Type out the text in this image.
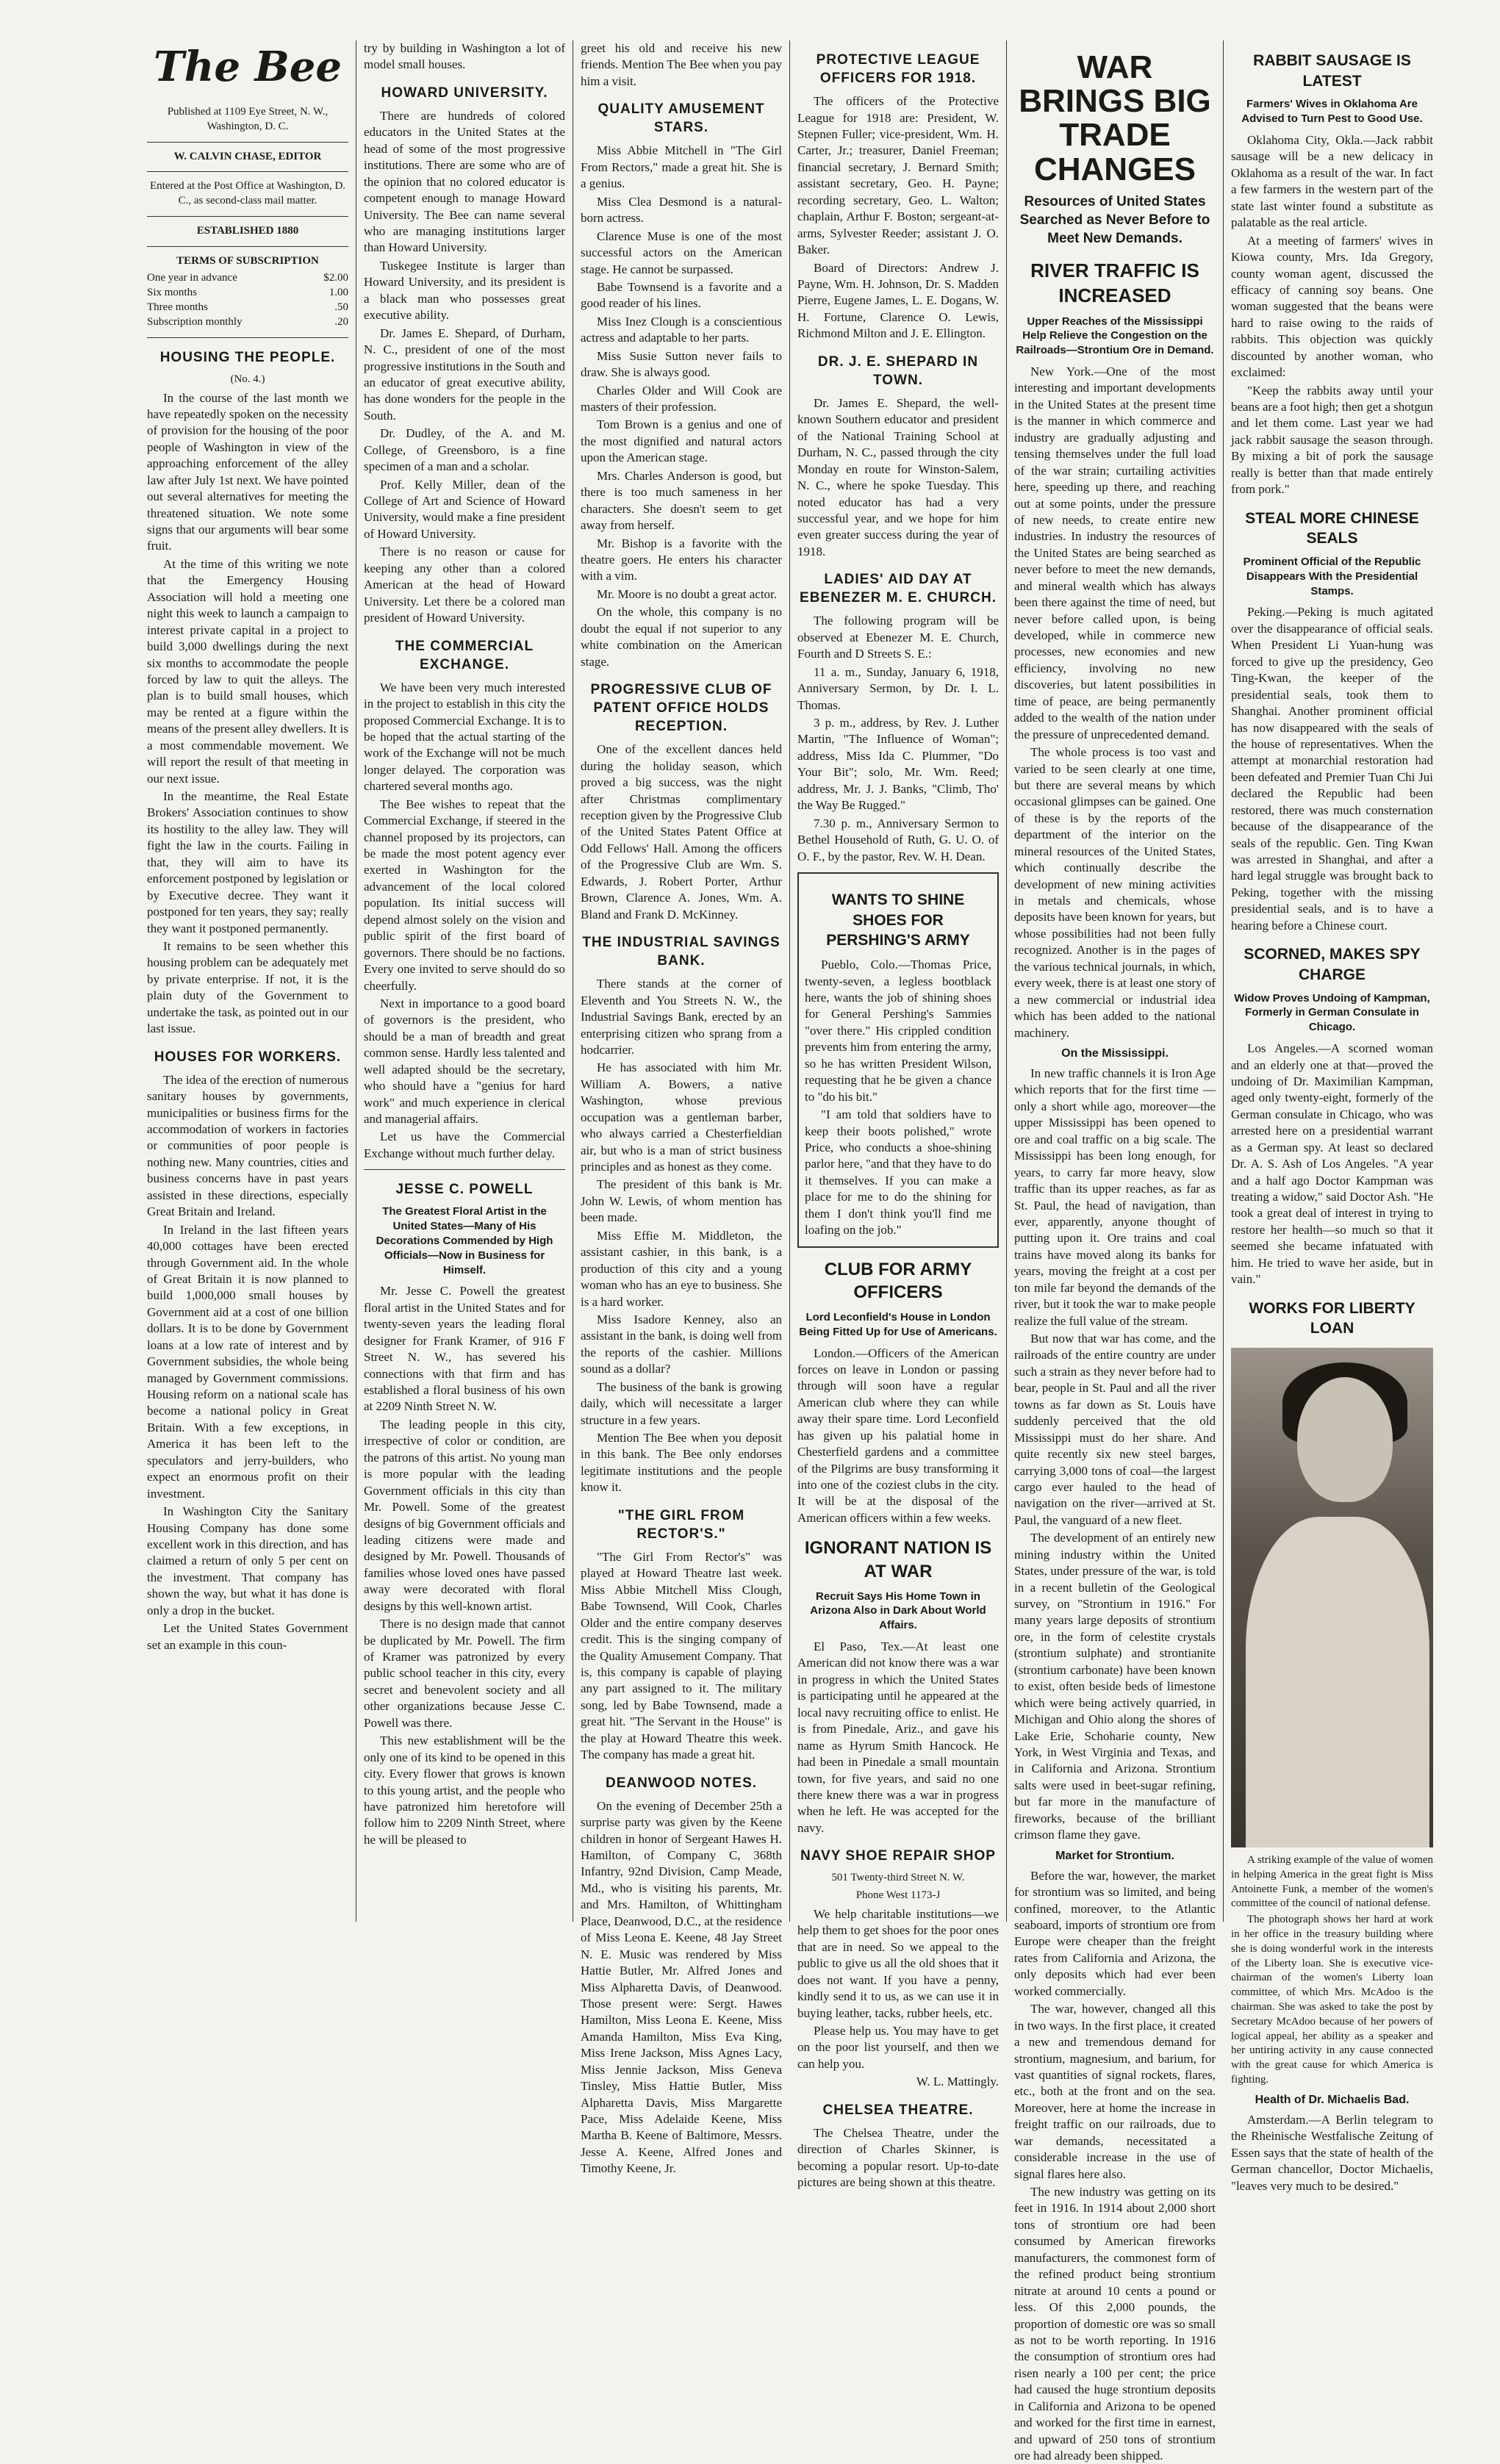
The Bee
Published at 1109 Eye Street, N. W., Washington, D. C.
W. CALVIN CHASE, EDITOR
Entered at the Post Office at Washington, D. C., as second-class mail matter.
ESTABLISHED 1880
TERMS OF SUBSCRIPTION
One year in advance	$2.00
Six months	1.00
Three months	.50
Subscription monthly	.20
HOUSING THE PEOPLE.
(No. 4.)

In the course of the last month we have repeatedly spoken on the necessity of provision for the housing of the poor people of Washington in view of the approaching enforcement of the alley law after July 1st next. We have pointed out several alternatives for meeting the threatened situation. We note some signs that our arguments will bear some fruit.

At the time of this writing we note that the Emergency Housing Association will hold a meeting one night this week to launch a campaign to interest private capital in a project to build 3,000 dwellings during the next six months to accommodate the people forced by law to quit the alleys. The plan is to build small houses, which may be rented at a figure within the means of the present alley dwellers. It is a most commendable movement. We will report the result of that meeting in our next issue.

In the meantime, the Real Estate Brokers' Association continues to show its hostility to the alley law. They will fight the law in the courts. Failing in that, they will aim to have its enforcement postponed by legislation or by Executive decree. They want it postponed for ten years, they say; really they want it postponed permanently.

It remains to be seen whether this housing problem can be adequately met by private enterprise. If not, it is the plain duty of the Government to undertake the task, as pointed out in our last issue.

HOUSES FOR WORKERS.

The idea of the erection of numerous sanitary houses by governments, municipalities or business firms for the accommodation of workers in factories or communities of poor people is nothing new. Many countries, cities and business concerns have in past years assisted in these directions, especially Great Britain and Ireland.

In Ireland in the last fifteen years 40,000 cottages have been erected through Government aid. In the whole of Great Britain it is now planned to build 1,000,000 small houses by Government aid at a cost of one billion dollars. It is to be done by Government loans at a low rate of interest and by Government subsidies, the whole being managed by Government commissions. Housing reform on a national scale has become a national policy in Great Britain. With a few exceptions, in America it has been left to the speculators and jerry-builders, who expect an enormous profit on their investment.

In Washington City the Sanitary Housing Company has done some excellent work in this direction, and has claimed a return of only 5 per cent on the investment. That company has shown the way, but what it has done is only a drop in the bucket.

Let the United States Government set an example in this coun-

try by building in Washington a lot of model small houses.

HOWARD UNIVERSITY.

There are hundreds of colored educators in the United States at the head of some of the most progressive institutions. There are some who are of the opinion that no colored educator is competent enough to manage Howard University. The Bee can name several who are managing institutions larger than Howard University.

Tuskegee Institute is larger than Howard University, and its president is a black man who possesses great executive ability.

Dr. James E. Shepard, of Durham, N. C., president of one of the most progressive institutions in the South and an educator of great executive ability, has done wonders for the people in the South.

Dr. Dudley, of the A. and M. College, of Greensboro, is a fine specimen of a man and a scholar.

Prof. Kelly Miller, dean of the College of Art and Science of Howard University, would make a fine president of Howard University.

There is no reason or cause for keeping any other than a colored American at the head of Howard University. Let there be a colored man president of Howard University.

THE COMMERCIAL EXCHANGE.

We have been very much interested in the project to establish in this city the proposed Commercial Exchange. It is to be hoped that the actual starting of the work of the Exchange will not be much longer delayed. The corporation was chartered several months ago.

The Bee wishes to repeat that the Commercial Exchange, if steered in the channel proposed by its projectors, can be made the most potent agency ever exerted in Washington for the advancement of the local colored population. Its initial success will depend almost solely on the vision and public spirit of the first board of governors. There should be no factions. Every one invited to serve should do so cheerfully.

Next in importance to a good board of governors is the president, who should be a man of breadth and great common sense. Hardly less talented and well adapted should be the secretary, who should have a "genius for hard work" and much experience in clerical and managerial affairs.

Let us have the Commercial Exchange without much further delay.

JESSE C. POWELL
The Greatest Floral Artist in the United States—Many of His Decorations Commended by High Officials—Now in Business for Himself.

Mr. Jesse C. Powell the greatest floral artist in the United States and for twenty-seven years the leading floral designer for Frank Kramer, of 916 F Street N. W., has severed his connections with that firm and has established a floral business of his own at 2209 Ninth Street N. W.

The leading people in this city, irrespective of color or condition, are the patrons of this artist. No young man is more popular with the leading Government officials in this city than Mr. Powell. Some of the greatest designs of big Government officials and leading citizens were made and designed by Mr. Powell. Thousands of families whose loved ones have passed away were decorated with floral designs by this well-known artist.

There is no design made that cannot be duplicated by Mr. Powell. The firm of Kramer was patronized by every public school teacher in this city, every secret and benevolent society and all other organizations because Jesse C. Powell was there.

This new establishment will be the only one of its kind to be opened in this city. Every flower that grows is known to this young artist, and the people who have patronized him heretofore will follow him to 2209 Ninth Street, where he will be pleased to

greet his old and receive his new friends. Mention The Bee when you pay him a visit.

QUALITY AMUSEMENT STARS.

Miss Abbie Mitchell in "The Girl From Rectors," made a great hit. She is a genius.

Miss Clea Desmond is a natural-born actress.

Clarence Muse is one of the most successful actors on the American stage. He cannot be surpassed.

Babe Townsend is a favorite and a good reader of his lines.

Miss Inez Clough is a conscientious actress and adaptable to her parts.

Miss Susie Sutton never fails to draw. She is always good.

Charles Older and Will Cook are masters of their profession.

Tom Brown is a genius and one of the most dignified and natural actors upon the American stage.

Mrs. Charles Anderson is good, but there is too much sameness in her characters. She doesn't seem to get away from herself.

Mr. Bishop is a favorite with the theatre goers. He enters his character with a vim.

Mr. Moore is no doubt a great actor.

On the whole, this company is no doubt the equal if not superior to any white combination on the American stage.

PROGRESSIVE CLUB OF PATENT OFFICE HOLDS RECEPTION.

One of the excellent dances held during the holiday season, which proved a big success, was the night after Christmas complimentary reception given by the Progressive Club of the United States Patent Office at Odd Fellows' Hall. Among the officers of the Progressive Club are Wm. S. Edwards, J. Robert Porter, Arthur Brown, Clarence A. Jones, Wm. A. Bland and Frank D. McKinney.

THE INDUSTRIAL SAVINGS BANK.

There stands at the corner of Eleventh and You Streets N. W., the Industrial Savings Bank, erected by an enterprising citizen who sprang from a hodcarrier.

He has associated with him Mr. William A. Bowers, a native Washington, whose previous occupation was a gentleman barber, who always carried a Chesterfieldian air, but who is a man of strict business principles and as honest as they come.

The president of this bank is Mr. John W. Lewis, of whom mention has been made.

Miss Effie M. Middleton, the assistant cashier, in this bank, is a production of this city and a young woman who has an eye to business. She is a hard worker.

Miss Isadore Kenney, also an assistant in the bank, is doing well from the reports of the cashier. Millions sound as a dollar?

The business of the bank is growing daily, which will necessitate a larger structure in a few years.

Mention The Bee when you deposit in this bank. The Bee only endorses legitimate institutions and the people know it.

"THE GIRL FROM RECTOR'S."

"The Girl From Rector's" was played at Howard Theatre last week. Miss Abbie Mitchell Miss Clough, Babe Townsend, Will Cook, Charles Older and the entire company deserves credit. This is the singing company of the Quality Amusement Company. That is, this company is capable of playing any part assigned to it. The military song, led by Babe Townsend, made a great hit. "The Servant in the House" is the play at Howard Theatre this week. The company has made a great hit.

DEANWOOD NOTES.

On the evening of December 25th a surprise party was given by the Keene children in honor of Sergeant Hawes H. Hamilton, of Company C, 368th Infantry, 92nd Division, Camp Meade, Md., who is visiting his parents, Mr. and Mrs. Hamilton, of Whittingham Place, Deanwood, D.C., at the residence of Miss Leona E. Keene, 48 Jay Street N. E. Music was rendered by Miss Hattie Butler, Mr. Alfred Jones and Miss Alpharetta Davis, of Deanwood. Those present were: Sergt. Hawes Hamilton, Miss Leona E. Keene, Miss Amanda Hamilton, Miss Eva King, Miss Irene Jackson, Miss Agnes Lacy, Miss Jennie Jackson, Miss Geneva Tinsley, Miss Hattie Butler, Miss Alpharetta Davis, Miss Margarette Pace, Miss Adelaide Keene, Miss Martha B. Keene of Baltimore, Messrs. Jesse A. Keene, Alfred Jones and Timothy Keene, Jr.

PROTECTIVE LEAGUE OFFICERS FOR 1918.

The officers of the Protective League for 1918 are: President, W. Stepnen Fuller; vice-president, Wm. H. Carter, Jr.; treasurer, Daniel Freeman; financial secretary, J. Bernard Smith; assistant secretary, Geo. H. Payne; recording secretary, Geo. L. Walton; chaplain, Arthur F. Boston; sergeant-at-arms, Sylvester Reeder; assistant J. O. Baker.

Board of Directors: Andrew J. Payne, Wm. H. Johnson, Dr. S. Madden Pierre, Eugene James, L. E. Dogans, W. H. Fortune, Clarence O. Lewis, Richmond Milton and J. E. Ellington.

DR. J. E. SHEPARD IN TOWN.

Dr. James E. Shepard, the well-known Southern educator and president of the National Training School at Durham, N. C., passed through the city Monday en route for Winston-Salem, N. C., where he spoke Tuesday. This noted educator has had a very successful year, and we hope for him even greater success during the year of 1918.

LADIES' AID DAY AT EBENEZER M. E. CHURCH.

The following program will be observed at Ebenezer M. E. Church, Fourth and D Streets S. E.:

11 a. m., Sunday, January 6, 1918, Anniversary Sermon, by Dr. I. L. Thomas.

3 p. m., address, by Rev. J. Luther Martin, "The Influence of Woman"; address, Miss Ida C. Plummer, "Do Your Bit"; solo, Mr. Wm. Reed; address, Mr. J. J. Banks, "Climb, Tho' the Way Be Rugged."

7.30 p. m., Anniversary Sermon to Bethel Household of Ruth, G. U. O. of O. F., by the pastor, Rev. W. H. Dean.

WANTS TO SHINE SHOES FOR PERSHING'S ARMY

Pueblo, Colo.—Thomas Price, twenty-seven, a legless bootblack here, wants the job of shining shoes for General Pershing's Sammies "over there." His crippled condition prevents him from entering the army, so he has written President Wilson, requesting that he be given a chance to "do his bit."

"I am told that soldiers have to keep their boots polished," wrote Price, who conducts a shoe-shining parlor here, "and that they have to do it themselves. If you can make a place for me to do the shining for them I don't think you'll find me loafing on the job."

CLUB FOR ARMY OFFICERS
Lord Leconfield's House in London Being Fitted Up for Use of Americans.

London.—Officers of the American forces on leave in London or passing through will soon have a regular American club where they can while away their spare time. Lord Leconfield has given up his palatial home in Chesterfield gardens and a committee of the Pilgrims are busy transforming it into one of the coziest clubs in the city. It will be at the disposal of the American officers within a few weeks.

IGNORANT NATION IS AT WAR
Recruit Says His Home Town in Arizona Also in Dark About World Affairs.

El Paso, Tex.—At least one American did not know there was a war in progress in which the United States is participating until he appeared at the local navy recruiting office to enlist. He is from Pinedale, Ariz., and gave his name as Hyrum Smith Hancock. He had been in Pinedale a small mountain town, for five years, and said no one there knew there was a war in progress when he left. He was accepted for the navy.

NAVY SHOE REPAIR SHOP
501 Twenty-third Street N. W.
Phone West 1173-J

We help charitable institutions—we help them to get shoes for the poor ones that are in need. So we appeal to the public to give us all the old shoes that it does not want. If you have a penny, kindly send it to us, as we can use it in buying leather, tacks, rubber heels, etc.

Please help us. You may have to get on the poor list yourself, and then we can help you.

W. L. Mattingly.
CHELSEA THEATRE.

The Chelsea Theatre, under the direction of Charles Skinner, is becoming a popular resort. Up-to-date pictures are being shown at this theatre.

WAR BRINGS BIG TRADE CHANGES
Resources of United States Searched as Never Before to Meet New Demands.
RIVER TRAFFIC IS INCREASED
Upper Reaches of the Mississippi Help Relieve the Congestion on the Railroads—Strontium Ore in Demand.

New York.—One of the most interesting and important developments in the United States at the present time is the manner in which commerce and industry are gradually adjusting and tensing themselves under the full load of the war strain; curtailing activities here, speeding up there, and reaching out at some points, under the pressure of new needs, to create entire new industries. In industry the resources of the United States are being searched as never before to meet the new demands, and mineral wealth which has always been there against the time of need, but never before called upon, is being developed, while in commerce new processes, new economies and new efficiency, involving no new discoveries, but latent possibilities in time of peace, are being permanently added to the wealth of the nation under the pressure of unprecedented demand.

The whole process is too vast and varied to be seen clearly at one time, but there are several means by which occasional glimpses can be gained. One of these is by the reports of the department of the interior on the mineral resources of the United States, which continually describe the development of new mining activities in metals and chemicals, whose deposits have been known for years, but whose possibilities had not been fully recognized. Another is in the pages of the various technical journals, in which, every week, there is at least one story of a new commercial or industrial idea which has been added to the national machinery.

On the Mississippi.

In new traffic channels it is Iron Age which reports that for the first time —only a short while ago, moreover—the upper Mississippi has been opened to ore and coal traffic on a big scale. The Mississippi has been long enough, for years, to carry far more heavy, slow traffic than its upper reaches, as far as St. Paul, the head of navigation, than ever, apparently, anyone thought of putting upon it. Ore trains and coal trains have moved along its banks for years, moving the freight at a cost per ton mile far beyond the demands of the river, but it took the war to make people realize the full value of the stream.

But now that war has come, and the railroads of the entire country are under such a strain as they never before had to bear, people in St. Paul and all the river towns as far down as St. Louis have suddenly perceived that the old Mississippi must do her share. And quite recently six new steel barges, carrying 3,000 tons of coal—the largest cargo ever hauled to the head of navigation on the river—arrived at St. Paul, the vanguard of a new fleet.

The development of an entirely new mining industry within the United States, under pressure of the war, is told in a recent bulletin of the Geological survey, on "Strontium in 1916." For many years large deposits of strontium ore, in the form of celestite crystals (strontium sulphate) and strontianite (strontium carbonate) have been known to exist, often beside beds of limestone which were being actively quarried, in Michigan and Ohio along the shores of Lake Erie, Schoharie county, New York, in West Virginia and Texas, and in California and Arizona. Strontium salts were used in beet-sugar refining, but far more in the manufacture of fireworks, because of the brilliant crimson flame they gave.

Market for Strontium.

Before the war, however, the market for strontium was so limited, and being confined, moreover, to the Atlantic seaboard, imports of strontium ore from Europe were cheaper than the freight rates from California and Arizona, the only deposits which had ever been worked commercially.

The war, however, changed all this in two ways. In the first place, it created a new and tremendous demand for strontium, magnesium, and barium, for vast quantities of signal rockets, flares, etc., both at the front and on the sea. Moreover, here at home the increase in freight traffic on our railroads, due to war demands, necessitated a considerable increase in the use of signal flares here also.

The new industry was getting on its feet in 1916. In 1914 about 2,000 short tons of strontium ore had been consumed by American fireworks manufacturers, the commonest form of the refined product being strontium nitrate at around 10 cents a pound or less. Of this 2,000 pounds, the proportion of domestic ore was so small as not to be worth reporting. In 1916 the consumption of strontium ores had risen nearly a 100 per cent; the price had caused the huge strontium deposits in California and Arizona to be opened and worked for the first time in earnest, and upward of 250 tons of strontium ore had already been shipped.

RABBIT SAUSAGE IS LATEST
Farmers' Wives in Oklahoma Are Advised to Turn Pest to Good Use.

Oklahoma City, Okla.—Jack rabbit sausage will be a new delicacy in Oklahoma as a result of the war. In fact a few farmers in the western part of the state last winter found a substitute as palatable as the real article.

At a meeting of farmers' wives in Kiowa county, Mrs. Ida Gregory, county woman agent, discussed the efficacy of canning soy beans. One woman suggested that the beans were hard to raise owing to the raids of rabbits. This objection was quickly discounted by another woman, who exclaimed:

"Keep the rabbits away until your beans are a foot high; then get a shotgun and let them come. Last year we had jack rabbit sausage the season through. By mixing a bit of pork the sausage really is better than that made entirely from pork."

STEAL MORE CHINESE SEALS
Prominent Official of the Republic Disappears With the Presidential Stamps.

Peking.—Peking is much agitated over the disappearance of official seals. When President Li Yuan-hung was forced to give up the presidency, Geo Ting-Kwan, the keeper of the presidential seals, took them to Shanghai. Another prominent official has now disappeared with the seals of the house of representatives. When the attempt at monarchial restoration had been defeated and Premier Tuan Chi Jui declared the Republic had been restored, there was much consternation because of the disappearance of the seals of the republic. Gen. Ting Kwan was arrested in Shanghai, and after a hard legal struggle was brought back to Peking, together with the missing presidential seals, and is to have a hearing before a Chinese court.

SCORNED, MAKES SPY CHARGE
Widow Proves Undoing of Kampman, Formerly in German Consulate in Chicago.

Los Angeles.—A scorned woman and an elderly one at that—proved the undoing of Dr. Maximilian Kampman, aged only twenty-eight, formerly of the German consulate in Chicago, who was arrested here on a presidential warrant as a German spy. At least so declared Dr. A. S. Ash of Los Angeles. "A year and a half ago Doctor Kampman was treating a widow," said Doctor Ash. "He took a great deal of interest in trying to restore her health—so much so that it seemed she became infatuated with him. He tried to wave her aside, but in vain."

WORKS FOR LIBERTY LOAN

A striking example of the value of women in helping America in the great fight is Miss Antoinette Funk, a member of the women's committee of the council of national defense.

The photograph shows her hard at work in her office in the treasury building where she is doing wonderful work in the interests of the Liberty loan. She is executive vice-chairman of the women's Liberty loan committee, of which Mrs. McAdoo is the chairman. She was asked to take the post by Secretary McAdoo because of her powers of logical appeal, her ability as a speaker and her untiring activity in any cause connected with the great cause for which America is fighting.

Health of Dr. Michaelis Bad.

Amsterdam.—A Berlin telegram to the Rheinische Westfalische Zeitung of Essen says that the state of health of the German chancellor, Doctor Michaelis, "leaves very much to be desired."
